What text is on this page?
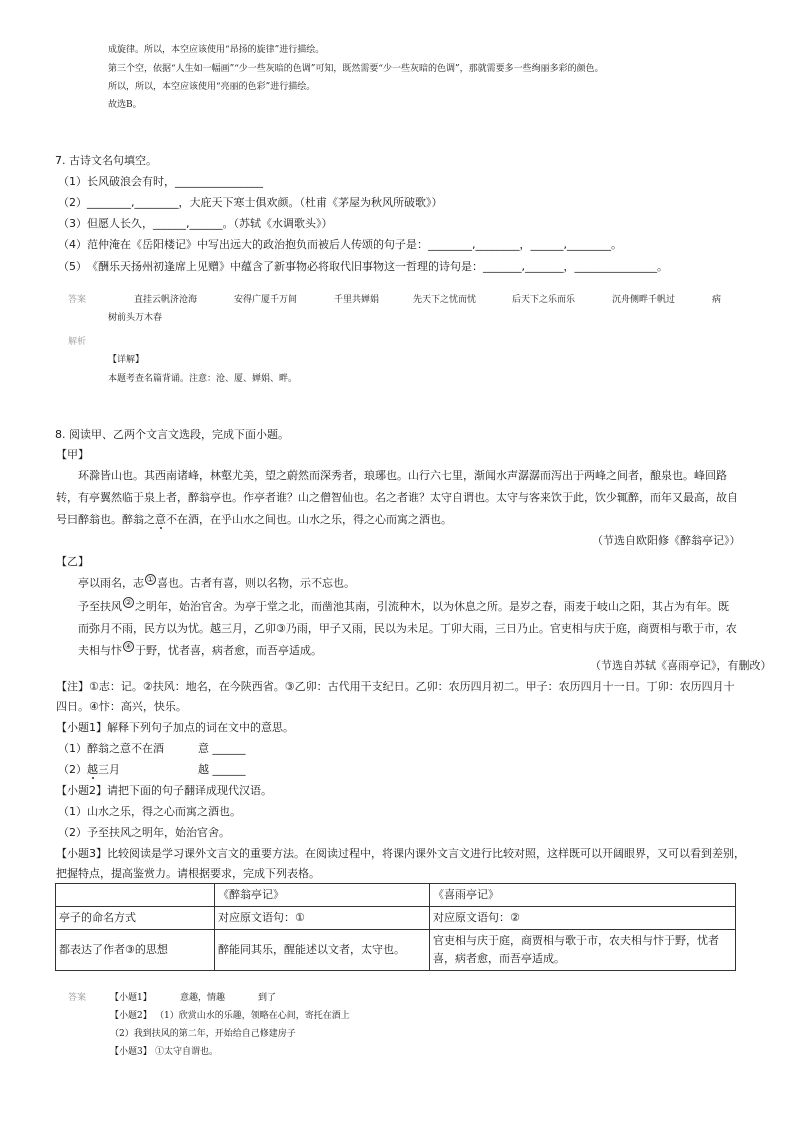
成旋律。所以，本空应该使用“昂扬的旋律”进行描绘。
第三个空，依据“人生如一幅画”“少一些灰暗的色调”可知，既然需要“少一些灰暗的色调”，那就需要多一些绚丽多彩的颜色。
所以，所以，本空应该使用“亮丽的色彩”进行描绘。
故选B。
7. 古诗文名句填空。
（1）长风破浪会有时，________________
（2）________,________，大庇天下寒士俱欢颜。（杜甫《茅屋为秋风所破歌》）
（3）但愿人长久，______,______。（苏轼《水调歌头》）
（4）范仲淹在《岳阳楼记》中写出远大的政治抱负而被后人传颂的句子是：________,________，______,________。
（5）　《酬乐天扬州初逢席上见赠》中蕴含了新事物必将取代旧事物这一哲理的诗句是：_______,_______，_______________。
答案	直挂云帆济沧海	安得广厦千万间	千里共婵娟	先天下之忧而忧	后天下之乐而乐	沉舟侧畔千帆过	病
树前头万木春
解析
【详解】
本题考查名篇背诵。注意：沧、厦、婵娟、畔。
8. 阅读甲、乙两个文言文选段，完成下面小题。
【甲】
环滁皆山也。其西南诸峰，林壑尤美，望之蔚然而深秀者，琅琊也。山行六七里，渐闻水声潺潺而泻出于两峰之间者，酿泉也。峰回路
转，有亭翼然临于泉上者，醉翁亭也。作亭者谁？山之僧智仙也。名之者谁？太守自谓也。太守与客来饮于此，饮少辄醉，而年又最高，故自
号曰醉翁也。醉翁之意不在酒，在乎山水之间也。山水之乐，得之心而寓之酒也。
（节选自欧阳修《醉翁亭记》）
【乙】
亭以雨名，志 ① 喜也。古者有喜，则以名物，示不忘也。
予至扶风 ② 之明年，始治官舍。为亭于堂之北，而凿池其南，引流种木，以为休息之所。是岁之春，雨麦于岐山之阳，其占为有年。既而弥月不雨，民方以为忧。越三月，乙卯③乃雨，甲子又雨，民以为未足。丁卯大雨，三日乃止。官吏相与庆于庭，商贾相与歌于市，农夫相与忭 ④ 于野，忧者喜，病者愈，而吾亭适成。
（节选自苏轼《喜雨亭记》，有删改）
【注】①志：记。②扶风：地名，在今陕西省。③乙卯：古代用干支纪日。乙卯：农历四月初二。甲子：农历四月十一日。丁卯：农历四月十
四日。④忭：高兴，快乐。
【小题1】解释下列句子加点的词在文中的意思。
（1）醉翁之意不在酒	意 ______
（2）越三月	越 ______
【小题2】请把下面的句子翻译成现代汉语。
（1）山水之乐，得之心而寓之酒也。
（2）予至扶风之明年，始治官舍。
【小题3】比较阅读是学习课外文言文的重要方法。在阅读过程中，将课内课外文言文进行比较对照，这样既可以开阔眼界，又可以看到差别，
把握特点，提高鉴赏力。请根据要求，完成下列表格。
	《醉翁亭记》	《喜雨亭记》
亭子的命名方式	对应原文语句：①	对应原文语句：②
都表达了作者③的思想	醉能同其乐，醒能述以文者，太守也。	官吏相与庆于庭，商贾相与歌于市，农夫相与忭于野，忧者喜，病者愈，而吾亭适成。
答案	【小题1】	意趣，情趣	到了
【小题2】 （1）欣赏山水的乐趣，领略在心间，寄托在酒上
（2）我到扶风的第二年，开始给自己修建房子
【小题3】 ①太守自谓也。
